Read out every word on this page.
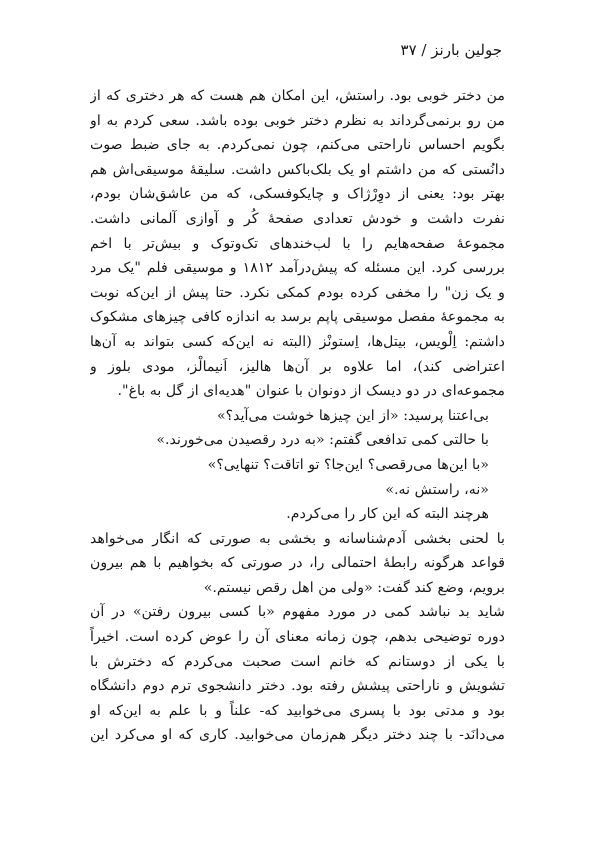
جولین بارنز / ۳۷
من دختر خوبی بود. راستش، این امکان هم هست که هر دختری که از
من رو برنمی‌گرداند به نظرم دختر خوبی بوده باشد. سعی کردم به او
بگویم احساس ناراحتی می‌کنم، چون نمی‌کردم. به جای ضبط صوت
دانُستی که من داشتم او یک بلک‌باکس داشت. سلیقهٔ موسیقی‌اش هم
بهتر بود: یعنی از دوِرْژاک و چایکوفسکی، که من عاشق‌شان بودم،
نفرت داشت و خودش تعدادی صفحهٔ کُر و آوازی آلمانی داشت.
مجموعهٔ صفحه‌هایم را با لب‌خندهای تک‌وتوک و بیش‌تر با اخم
بررسی کرد. این مسئله که پیش‌درآمد ۱۸۱۲ و موسیقی فلم "یک مرد
و یک زن" را مخفی کرده بودم کمکی نکرد. حتا پیش از این‌که نوبت
به مجموعهٔ مفصل موسیقی پاپم برسد به اندازه کافی چیزهای مشکوک
داشتم: اِلْویس، بیتل‌ها، اِستونْز (البته نه این‌که کسی بتواند به آن‌ها
اعتراضی کند)، اما علاوه بر آن‌ها هالیز، اَنیمالْز، مودی بلوز و
مجموعه‌ای در دو دیسک از دونوان با عنوان "هدیه‌ای از گل به باغ".
بی‌اعتنا پرسید: «از این چیزها خوشت می‌آید؟»
با حالتی کمی تدافعی گفتم: «به درد رقصیدن می‌خورند.»
«با این‌ها می‌رقصی؟ این‌جا؟ تو اتاقت؟ تنهایی؟»
«نه، راستش نه.»
هرچند البته که این کار را می‌کردم.
با لحنی بخشی آدم‌شناسانه و بخشی به صورتی که انگار می‌خواهد
قواعد هرگونه رابطهٔ احتمالی را، در صورتی که بخواهیم با هم بیرون
برویم، وضع کند گفت: «ولی من اهل رقص نیستم.»
شاید بد نباشد کمی در مورد مفهوم «با کسی بیرون رفتن» در آن
دوره توضیحی بدهم، چون زمانه معنای آن را عوض کرده است. اخیراً
با یکی از دوستانم که خانم است صحبت می‌کردم که دخترش با
تشویش و ناراحتی پیشش رفته بود. دختر دانشجوی ترم دوم دانشگاه
بود و مدتی بود با پسری می‌خوابید که- علناً و با علم به این‌که او
می‌دانَد- با چند دختر دیگر هم‌زمان می‌خوابید. کاری که او می‌کرد این
